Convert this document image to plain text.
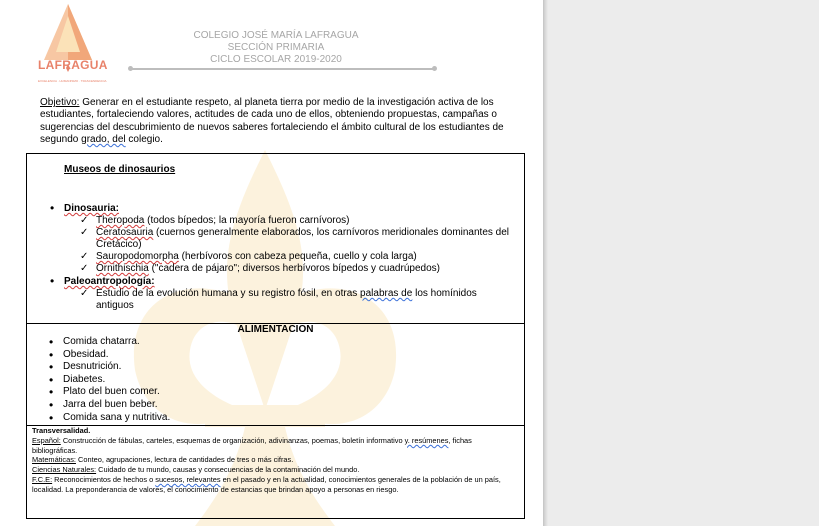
LAFRAGUA
EXCELENCIA · HUMANISMO · TRASCENDENCIA
COLEGIO JOSÉ MARÍA LAFRAGUA
SECCIÓN PRIMARIA
CICLO ESCOLAR 2019-2020
Objetivo: Generar en el estudiante respeto, al planeta tierra por medio de la investigación activa de los estudiantes, fortaleciendo valores, actitudes de cada uno de ellos, obteniendo propuestas, campañas o sugerencias del descubrimiento de nuevos saberes fortaleciendo el ámbito cultural de los estudiantes de segundo grado, del colegio.
Museos de dinosaurios
• Dinosauria:
✓ Theropoda (todos bípedos; la mayoría fueron carnívoros)
✓ Ceratosauria (cuernos generalmente elaborados, los carnívoros meridionales dominantes del Cretácico)
✓ Sauropodomorpha (herbívoros con cabeza pequeña, cuello y cola larga)
✓ Ornithischia ("cadera de pájaro"; diversos herbívoros bípedos y cuadrúpedos)
• Paleoantropología:
✓ Estudio de la evolución humana y su registro fósil, en otras palabras de los homínidos antiguos
ALIMENTACION
• Comida chatarra.
• Obesidad.
• Desnutrición.
• Diabetes.
• Plato del buen comer.
• Jarra del buen beber.
• Comida sana y nutritiva.
Transversalidad.
Español: Construcción de fábulas, carteles, esquemas de organización, adivinanzas, poemas, boletín informativo y. resúmenes, fichas bibliográficas.
Matemáticas: Conteo, agrupaciones, lectura de cantidades de tres o más cifras.
Ciencias Naturales: Cuidado de tu mundo, causas y consecuencias de la contaminación del mundo.
F.C.E: Reconocimientos de hechos o sucesos, relevantes en el pasado y en la actualidad, conocimientos generales de la población de un país, localidad. La preponderancia de valores, el conocimiento de estancias que brindan apoyo a personas en riesgo.
